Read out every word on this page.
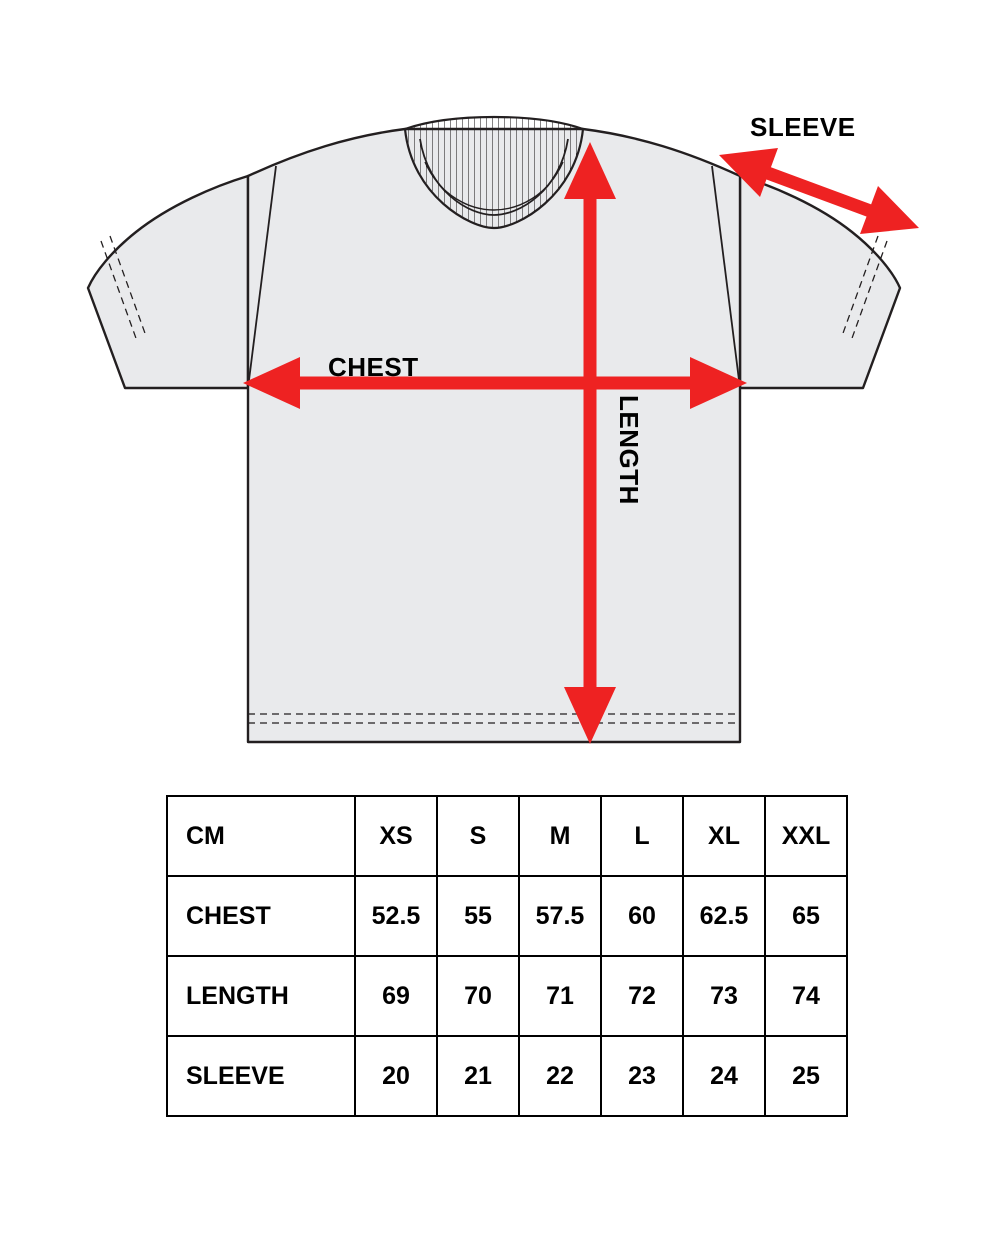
CHEST
LENGTH
SLEEVE
CM	XS	S	M	L	XL	XXL
CHEST	52.5	55	57.5	60	62.5	65
LENGTH	69	70	71	72	73	74
SLEEVE	20	21	22	23	24	25
